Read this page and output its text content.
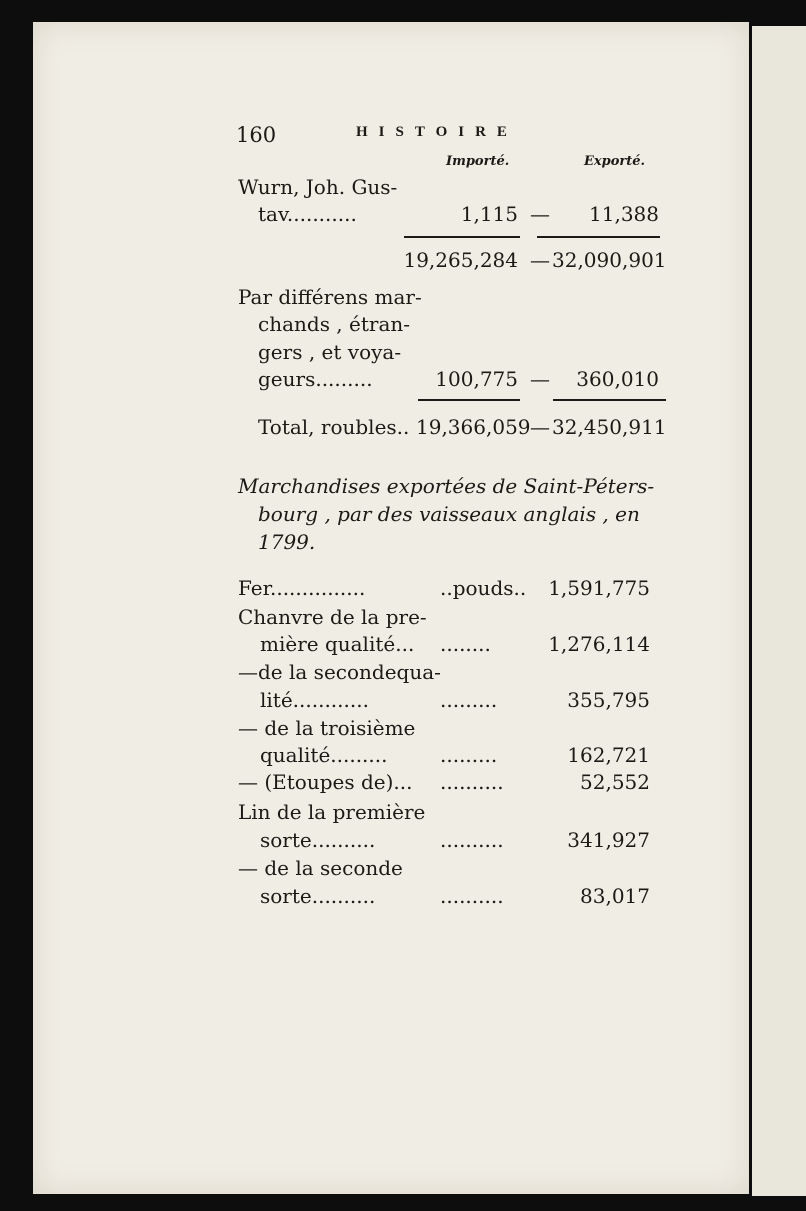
160	HISTOIRE
Importé.	Exporté.
Wurn, Joh. Gus-
tav...........	1,115 —	11,388
19,265,284 — 32,090,901
Par différens mar-
chands , étran-
gers , et voya-
geurs.........	100,775 —	360,010
Total, roubles.. 19,366,059 — 32,450,911
Marchandises exportées de Saint-Péters-
bourg , par des vaisseaux anglais , en
1799.
Fer...............	..pouds.. 1,591,775
Chanvre de la pre-
mière qualité... ........	1,276,114
—de la secondequa-
lité............	.........	355,795
— de la troisième
qualité.........	.........	162,721
— (Etoupes de)... ..........	52,552
Lin de la première
sorte..........	..........	341,927
— de la seconde
sorte..........	..........	83,017
